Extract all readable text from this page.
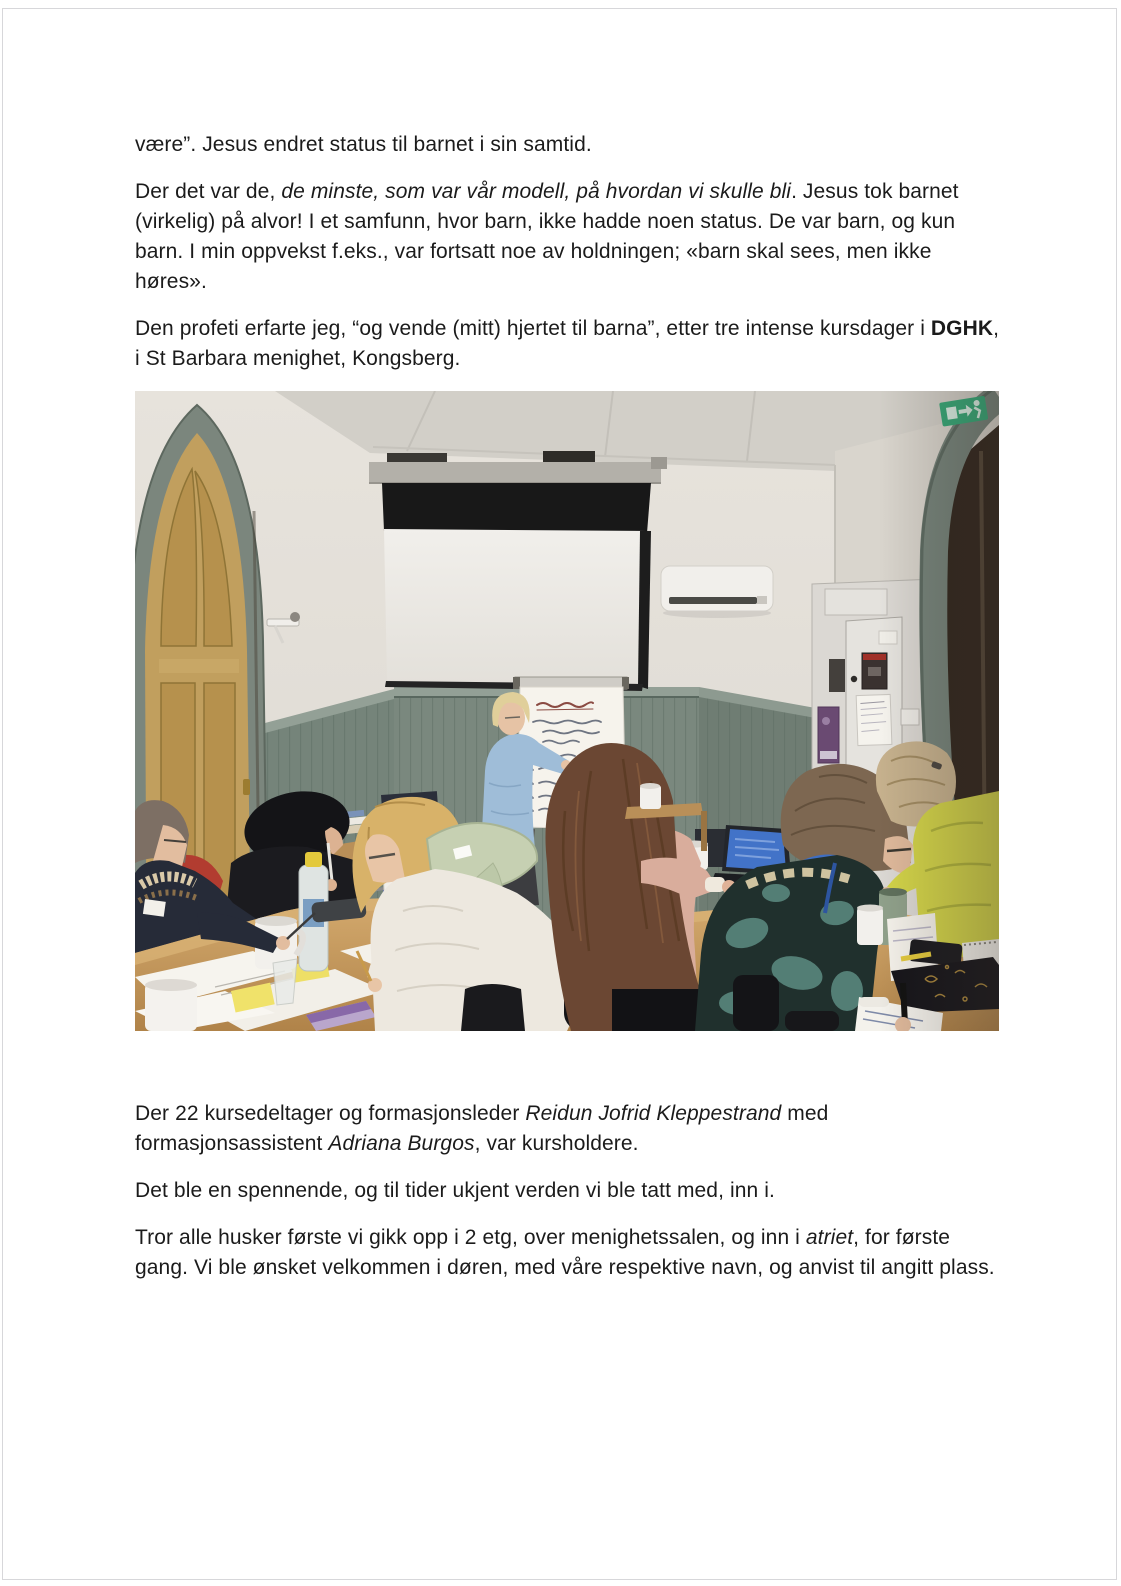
være”. Jesus endret status til barnet i sin samtid.

Der det var de, de minste, som var vår modell, på hvordan vi skulle bli. Jesus tok barnet (virkelig) på alvor! I et samfunn, hvor barn, ikke hadde noen status. De var barn, og kun barn. I min oppvekst f.eks., var fortsatt noe av holdningen; «barn skal sees, men ikke høres».

Den profeti erfarte jeg, “og vende (mitt) hjertet til barna”, etter tre intense kursdager i DGHK, i St Barbara menighet, Kongsberg.

Der 22 kursedeltager og formasjonsleder Reidun Jofrid Kleppestrand med formasjonsassistent Adriana Burgos, var kursholdere.

Det ble en spennende, og til tider ukjent verden vi ble tatt med, inn i.

Tror alle husker første vi gikk opp i 2 etg, over menighetssalen, og inn i atriet, for første gang. Vi ble ønsket velkommen i døren, med våre respektive navn, og anvist til angitt plass.
